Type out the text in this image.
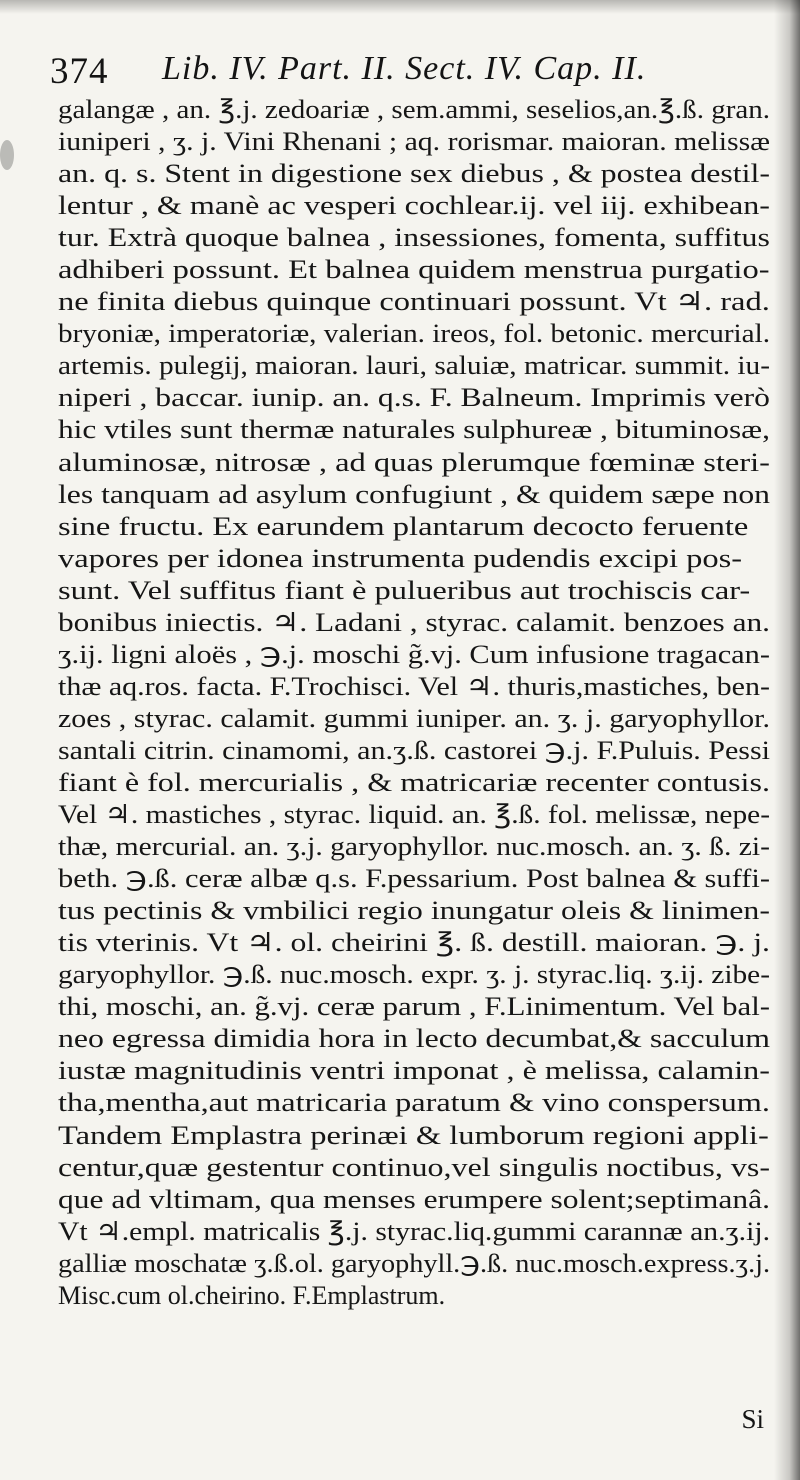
374 Lib. IV. Part. II. Sect. IV. Cap. II.
galangæ , an. ℥.j. zedoariæ , sem.ammi, seselios,an.℥.ß. gran.
iuniperi , ʒ. j. Vini Rhenani ; aq. rorismar. maioran. melissæ
an. q. s. Stent in digestione sex diebus , & postea destil-
lentur , & manè ac vesperi cochlear.ij. vel iij. exhibean-
tur. Extrà quoque balnea , insessiones, fomenta, suffitus
adhiberi possunt. Et balnea quidem menstrua purgatio-
ne finita diebus quinque continuari possunt. Vt ♃. rad.
bryoniæ, imperatoriæ, valerian. ireos, fol. betonic. mercurial.
artemis. pulegij, maioran. lauri, saluiæ, matricar. summit. iu-
niperi , baccar. iunip. an. q.s. F. Balneum. Imprimis verò
hic vtiles sunt thermæ naturales sulphureæ , bituminosæ,
aluminosæ, nitrosæ , ad quas plerumque fœminæ steri-
les tanquam ad asylum confugiunt , & quidem sæpe non
sine fructu. Ex earundem plantarum decocto feruente
vapores per idonea instrumenta pudendis excipi pos-
sunt. Vel suffitus fiant è pulueribus aut trochiscis car-
bonibus iniectis. ♃. Ladani , styrac. calamit. benzoes an.
ʒ.ij. ligni aloës , ℈.j. moschi g̃.vj. Cum infusione tragacan-
thæ aq.ros. facta. F.Trochisci. Vel ♃. thuris,mastiches, ben-
zoes , styrac. calamit. gummi iuniper. an. ʒ. j. garyophyllor.
santali citrin. cinamomi, an.ʒ.ß. castorei ℈.j. F.Puluis. Pessi
fiant è fol. mercurialis , & matricariæ recenter contusis.
Vel ♃. mastiches , styrac. liquid. an. ℥.ß. fol. melissæ, nepe-
thæ, mercurial. an. ʒ.j. garyophyllor. nuc.mosch. an. ʒ. ß. zi-
beth. ℈.ß. ceræ albæ q.s. F.pessarium. Post balnea & suffi-
tus pectinis & vmbilici regio inungatur oleis & linimen-
tis vterinis. Vt ♃. ol. cheirini ℥. ß. destill. maioran. ℈. j.
garyophyllor. ℈.ß. nuc.mosch. expr. ʒ. j. styrac.liq. ʒ.ij. zibe-
thi, moschi, an. g̃.vj. ceræ parum , F.Linimentum. Vel bal-
neo egressa dimidia hora in lecto decumbat,& sacculum
iustæ magnitudinis ventri imponat , è melissa, calamin-
tha,mentha,aut matricaria paratum & vino conspersum.
Tandem Emplastra perinæi & lumborum regioni appli-
centur,quæ gestentur continuo,vel singulis noctibus, vs-
que ad vltimam, qua menses erumpere solent;septimanâ.
Vt ♃.empl. matricalis ℥.j. styrac.liq.gummi carannæ an.ʒ.ij.
galliæ moschatæ ʒ.ß.ol. garyophyll.℈.ß. nuc.mosch.express.ʒ.j.
Misc.cum ol.cheirino. F.Emplastrum.
Si
